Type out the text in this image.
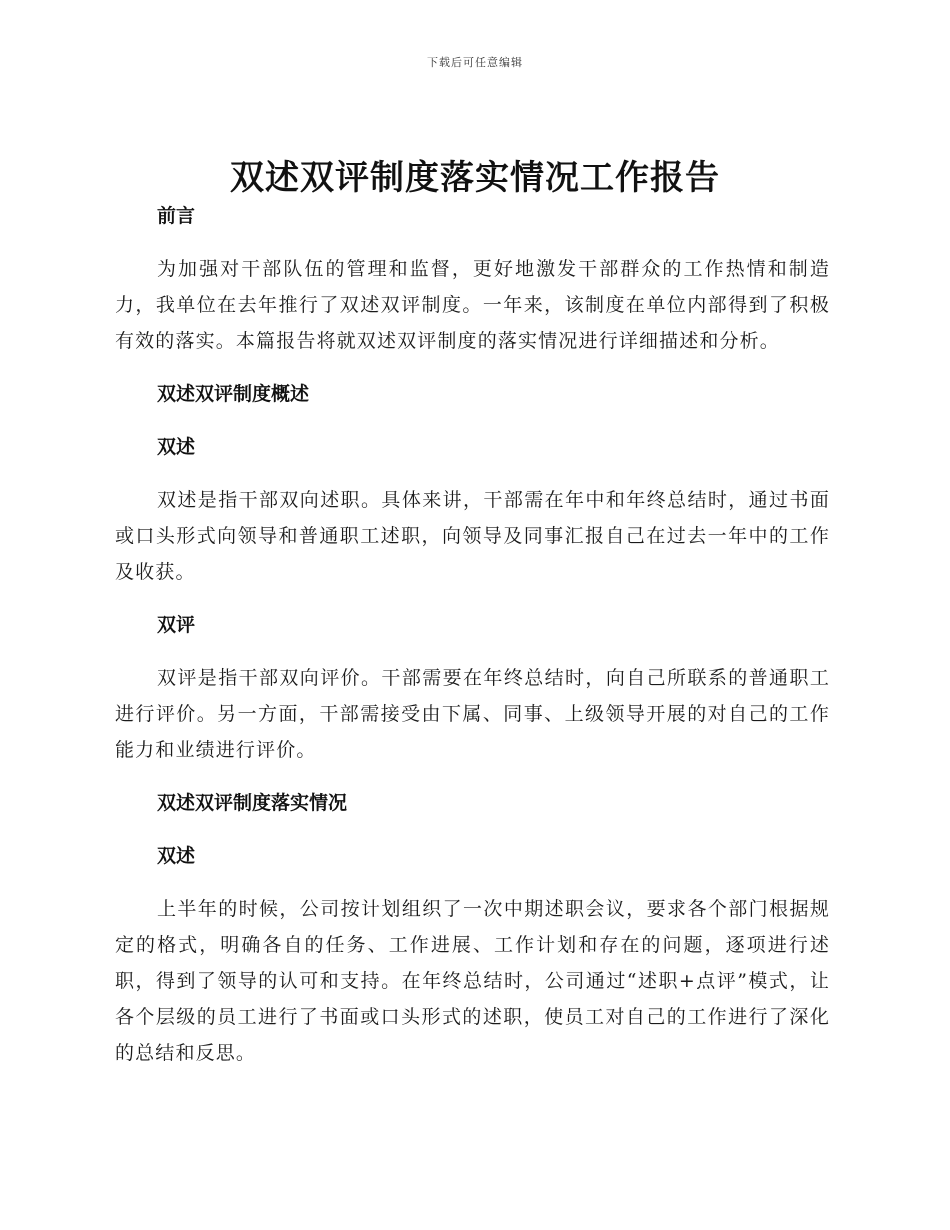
下载后可任意编辑
双述双评制度落实情况工作报告
前言

为加强对干部队伍的管理和监督，更好地激发干部群众的工作热情和制造力，我单位在去年推行了双述双评制度。一年来，该制度在单位内部得到了积极有效的落实。本篇报告将就双述双评制度的落实情况进行详细描述和分析。

双述双评制度概述
双述

双述是指干部双向述职。具体来讲，干部需在年中和年终总结时，通过书面或口头形式向领导和普通职工述职，向领导及同事汇报自己在过去一年中的工作及收获。

双评

双评是指干部双向评价。干部需要在年终总结时，向自己所联系的普通职工进行评价。另一方面，干部需接受由下属、同事、上级领导开展的对自己的工作能力和业绩进行评价。

双述双评制度落实情况
双述

上半年的时候，公司按计划组织了一次中期述职会议，要求各个部门根据规定的格式，明确各自的任务、工作进展、工作计划和存在的问题，逐项进行述职，得到了领导的认可和支持。在年终总结时，公司通过“述职+点评”模式，让各个层级的员工进行了书面或口头形式的述职，使员工对自己的工作进行了深化的总结和反思。
